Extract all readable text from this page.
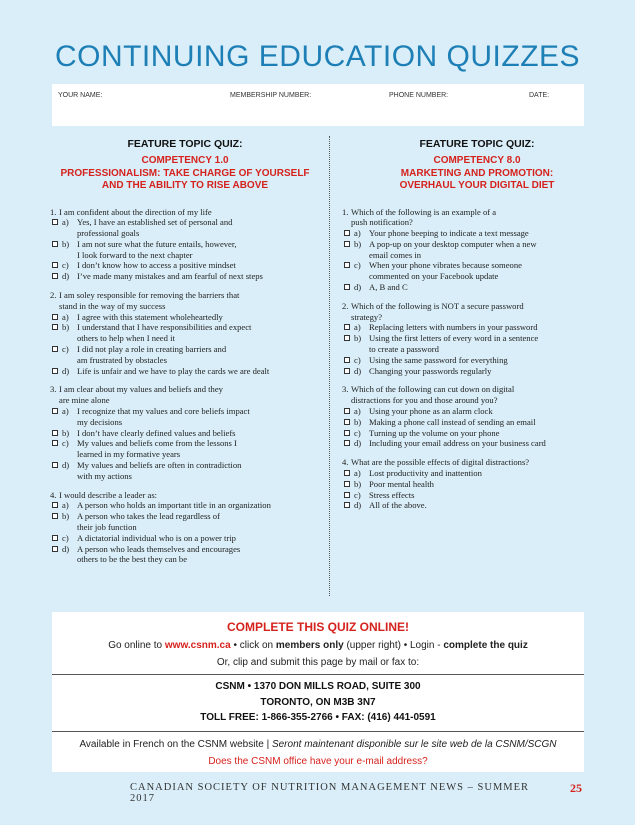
CONTINUING EDUCATION QUIZZES
YOUR NAME:	MEMBERSHIP NUMBER:	PHONE NUMBER:	DATE:
FEATURE TOPIC QUIZ:
COMPETENCY 1.0
PROFESSIONALISM: TAKE CHARGE OF YOURSELF
AND THE ABILITY TO RISE ABOVE
1. I am confident about the direction of my life
a) Yes, I have an established set of personal and
professional goals
b) I am not sure what the future entails, however,
I look forward to the next chapter
c) I don’t know how to access a positive mindset
d) I’ve made many mistakes and am fearful of next steps
2. I am soley responsible for removing the barriers that
stand in the way of my success
a) I agree with this statement wholeheartedly
b) I understand that I have responsibilities and expect
others to help when I need it
c) I did not play a role in creating barriers and
am frustrated by obstacles
d) Life is unfair and we have to play the cards we are dealt
3. I am clear about my values and beliefs and they
are mine alone
a) I recognize that my values and core beliefs impact
my decisions
b) I don’t have clearly defined values and beliefs
c) My values and beliefs come from the lessons I
learned in my formative years
d) My values and beliefs are often in contradiction
with my actions
4. I would describe a leader as:
a) A person who holds an important title in an organization
b) A person who takes the lead regardless of
their job function
c) A dictatorial individual who is on a power trip
d) A person who leads themselves and encourages
others to be the best they can be
FEATURE TOPIC QUIZ:
COMPETENCY 8.0
MARKETING AND PROMOTION:
OVERHAUL YOUR DIGITAL DIET
1. Which of the following is an example of a
push notification?
a) Your phone beeping to indicate a text message
b) A pop-up on your desktop computer when a new
email comes in
c) When your phone vibrates because someone
commented on your Facebook update
d) A, B and C
2. Which of the following is NOT a secure password
strategy?
a) Replacing letters with numbers in your password
b) Using the first letters of every word in a sentence
to create a password
c) Using the same password for everything
d) Changing your passwords regularly
3. Which of the following can cut down on digital
distractions for you and those around you?
a) Using your phone as an alarm clock
b) Making a phone call instead of sending an email
c) Turning up the volume on your phone
d) Including your email address on your business card
4. What are the possible effects of digital distractions?
a) Lost productivity and inattention
b) Poor mental health
c) Stress effects
d) All of the above.
COMPLETE THIS QUIZ ONLINE!
Go online to www.csnm.ca • click on members only (upper right) • Login - complete the quiz
Or, clip and submit this page by mail or fax to:
CSNM • 1370 DON MILLS ROAD, SUITE 300
TORONTO, ON M3B 3N7
TOLL FREE: 1-866-355-2766 • FAX: (416) 441-0591
Available in French on the CSNM website | Seront maintenant disponible sur le site web de la CSNM/SCGN
Does the CSNM office have your e-mail address?
CANADIAN SOCIETY OF NUTRITION MANAGEMENT NEWS – SUMMER 2017
25
